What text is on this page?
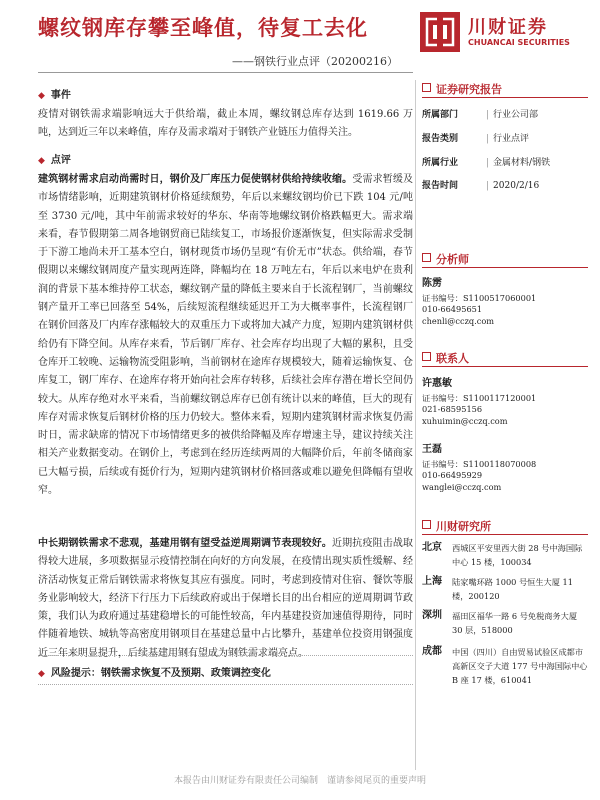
螺纹钢库存攀至峰值，待复工去化
——钢铁行业点评（20200216）
川财证券
CHUANCAI SECURITIES
◆ 事件
疫情对钢铁需求端影响远大于供给端，截止本周，螺纹钢总库存达到 1619.66 万吨，达到近三年以来峰值，库存及需求端对于钢铁产业链压力值得关注。
◆ 点评
建筑钢材需求启动尚需时日，钢价及厂库压力促使钢材供给持续收缩。受需求暂缓及市场情绪影响，近期建筑钢材价格延续颓势，年后以来螺纹钢均价已下跌 104 元/吨至 3730 元/吨，其中年前需求较好的华东、华南等地螺纹钢价格跌幅更大。需求端来看，春节假期第二周各地钢贸商已陆续复工，市场报价逐渐恢复，但实际需求受制于下游工地尚未开工基本空白，钢材现货市场仍呈现“有价无市”状态。供给端，春节假期以来螺纹钢周度产量实现两连降，降幅均在 18 万吨左右，年后以来电炉在贵利润的背景下基本维持停工状态，螺纹钢产量的降低主要来自于长流程钢厂，当前螺纹钢产量开工率已回落至 54%，后续短流程继续延迟开工为大概率事件，长流程钢厂在钢价回落及厂内库存涨幅较大的双重压力下或将加大减产力度，短期内建筑钢材供给仍有下降空间。从库存来看，节后钢厂库存、社会库存均出现了大幅的累积，且受仓库开工较晚、运输物流受阻影响，当前钢材在途库存规模较大，随着运输恢复、仓库复工，钢厂库存、在途库存将开始向社会库存转移，后续社会库存潜在增长空间仍较大。从库存绝对水平来看，当前螺纹钢总库存已创有统计以来的峰值，巨大的现有库存对需求恢复后钢材价格的压力仍较大。整体来看，短期内建筑钢材需求恢复仍需时日，需求缺席的情况下市场情绪更多的被供给降幅及库存增速主导，建议持续关注相关产业数据变动。在钢价上，考虑到在经历连续两周的大幅降价后，年前冬储商家已大幅亏损，后续或有挺价行为，短期内建筑钢材价格回落或难以避免但降幅有望收窄。
中长期钢铁需求不悲观，基建用钢有望受益逆周期调节表现较好。近期抗疫阻击战取得较大进展，多项数据显示疫情控制在向好的方向发展，在疫情出现实质性缓解、经济活动恢复正常后钢铁需求将恢复其应有强度。同时，考虑到疫情对住宿、餐饮等服务业影响较大，经济下行压力下后续政府或出于保增长目的出台相应的逆周期调节政策，我们认为政府通过基建稳增长的可能性较高，年内基建投资加速值得期待，同时伴随着地铁、城轨等高密度用钢项目在基建总量中占比攀升，基建单位投资用钢强度近三年来明显提升，后续基建用钢有望成为钢铁需求端亮点。
◆ 风险提示：钢铁需求恢复不及预期、政策调控变化
证券研究报告
所属部门	| 行业公司部
报告类别	| 行业点评
所属行业	| 金属材料/钢铁
报告时间	| 2020/2/16
分析师
陈雳
证书编号：S1100517060001
010-66495651
chenli@cczq.com
联系人
许惠敏
证书编号：S1100117120001
021-68595156
xuhuimin@cczq.com
王磊
证书编号：S1100118070008
010-66495929
wanglei@cczq.com
川财研究所
北京 西城区平安里西大街 28 号中海国际中心 15 楼，100034
上海 陆家嘴环路 1000 号恒生大厦 11 楼，200120
深圳 福田区福华一路 6 号免税商务大厦 30 层，518000
成都 中国（四川）自由贸易试验区成都市高新区交子大道 177 号中海国际中心 B 座 17 楼，610041
本报告由川财证券有限责任公司编制　谨请参阅尾页的重要声明
